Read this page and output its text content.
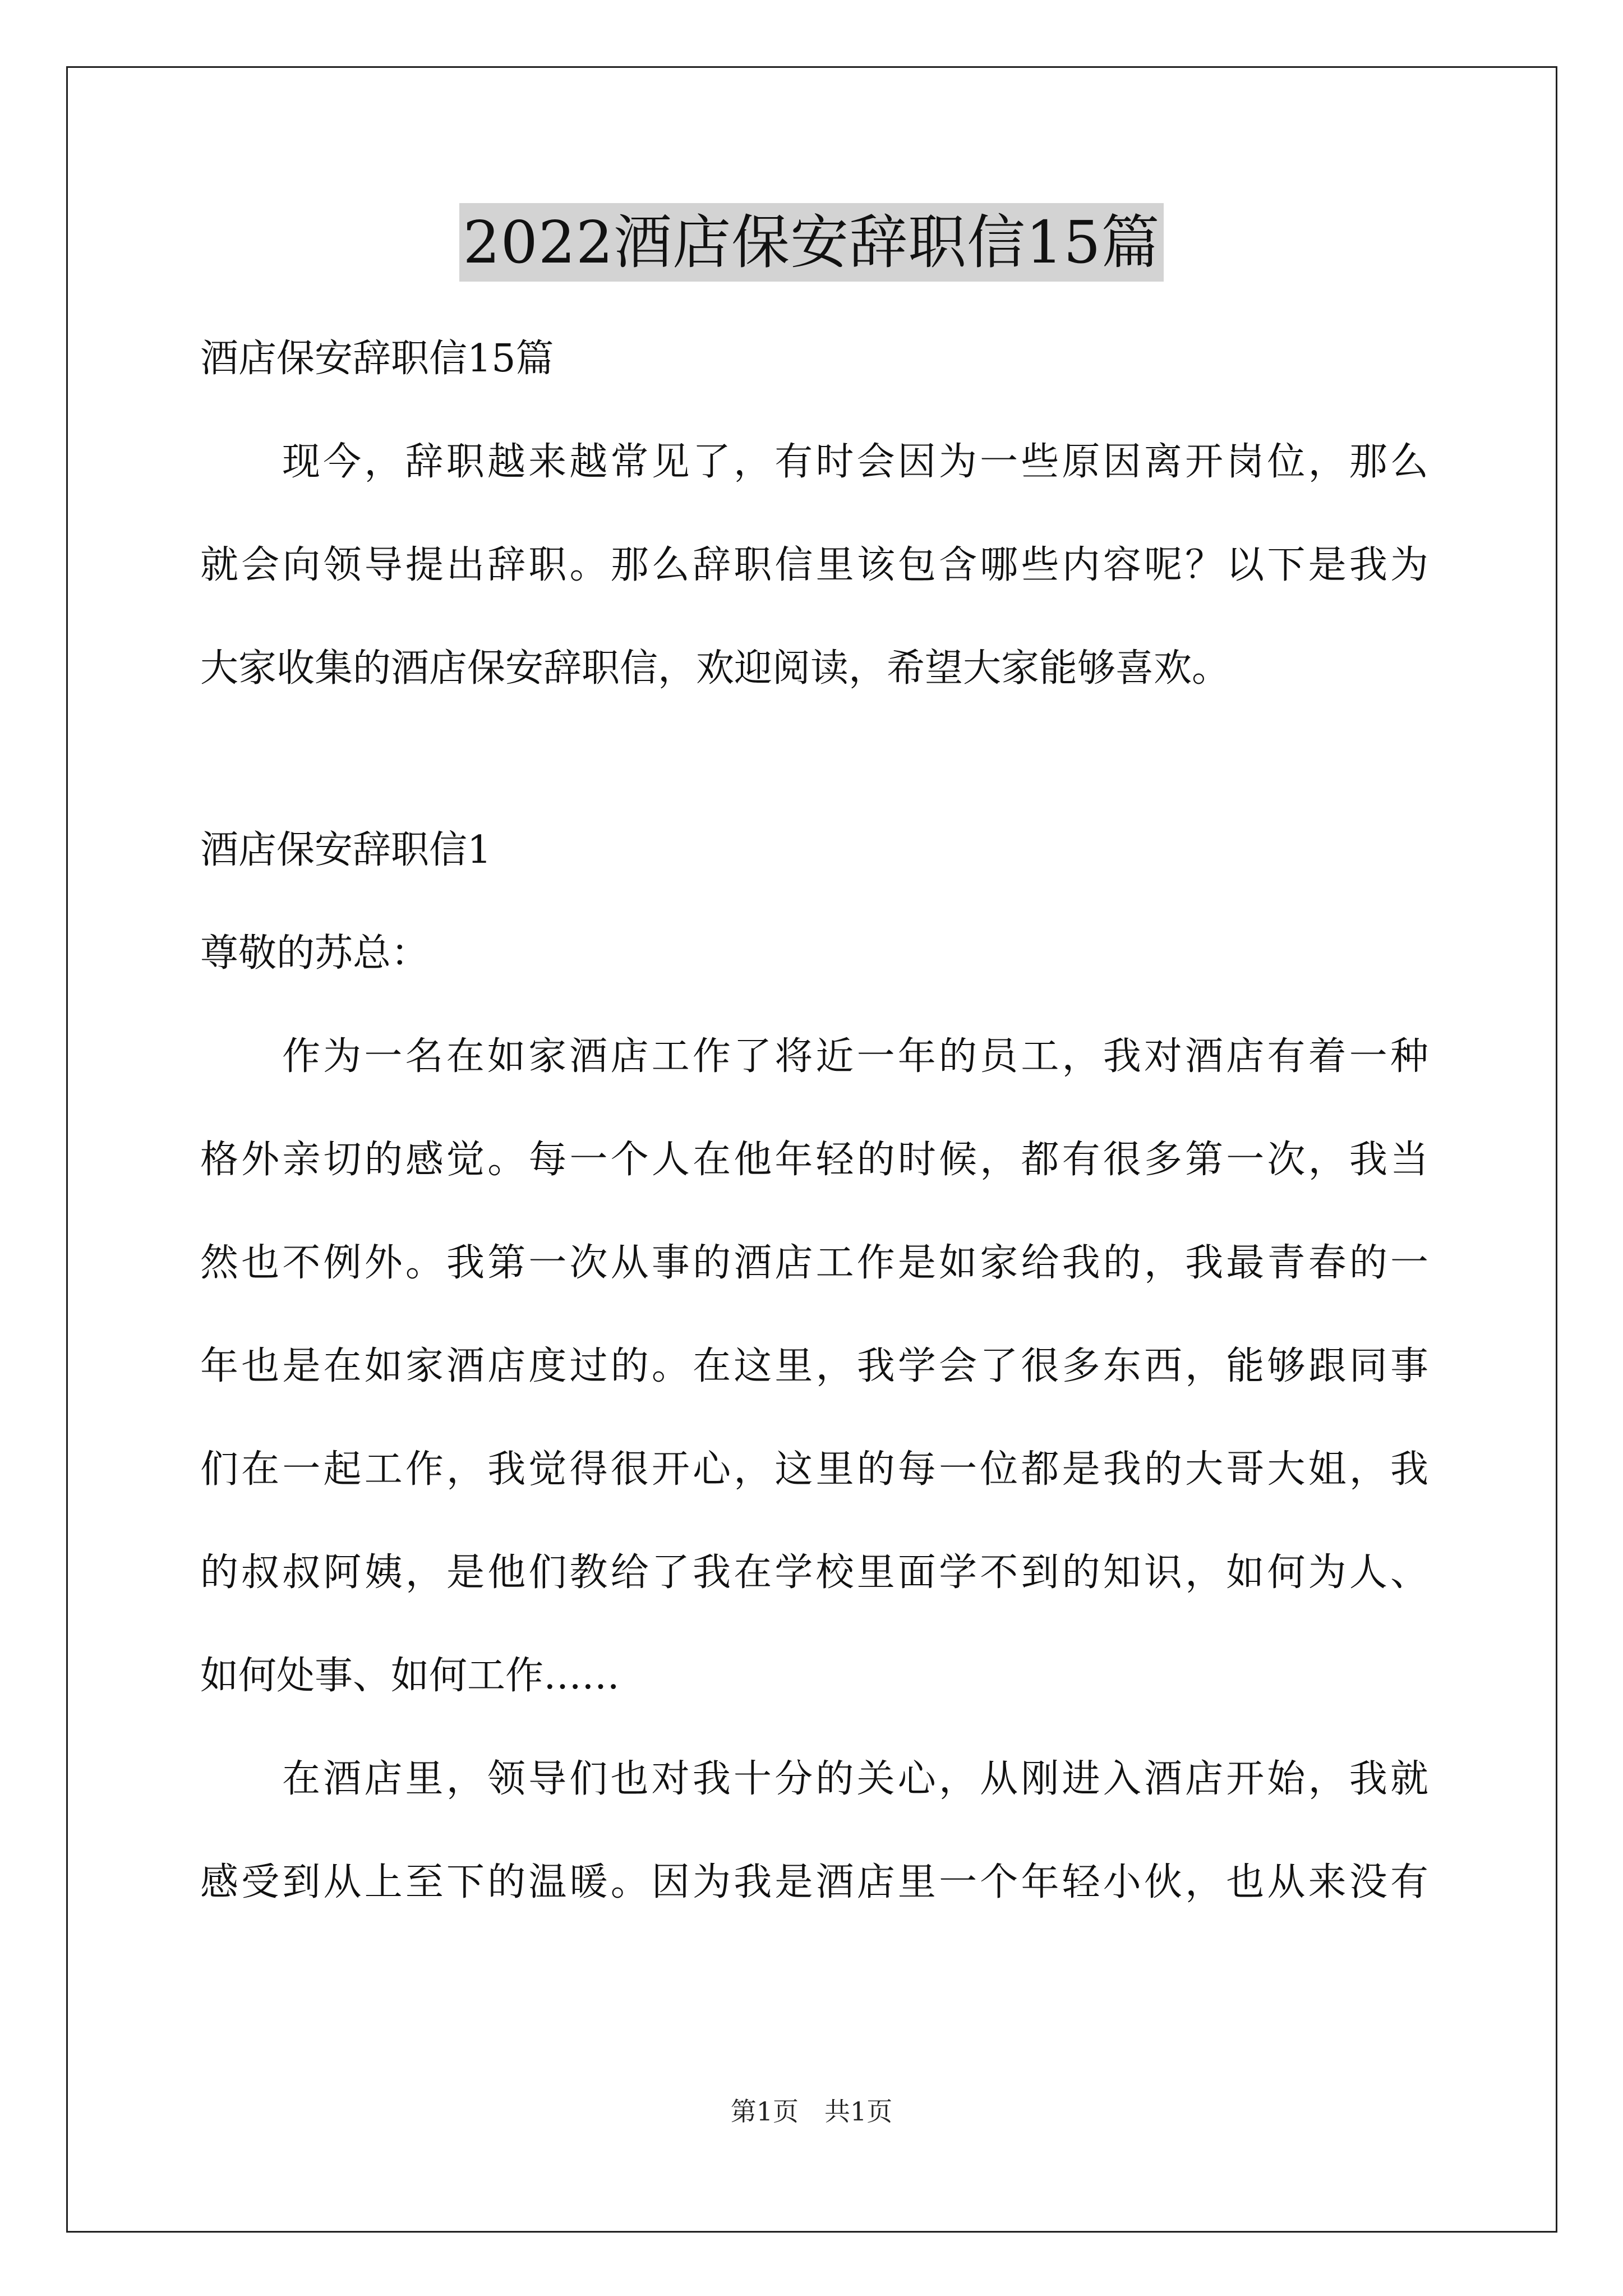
2022酒店保安辞职信15篇
酒店保安辞职信15篇
现今，辞职越来越常见了，有时会因为一些原因离开岗位，那么
就会向领导提出辞职。那么辞职信里该包含哪些内容呢？以下是我为
大家收集的酒店保安辞职信，欢迎阅读，希望大家能够喜欢。
酒店保安辞职信1
尊敬的苏总：
作为一名在如家酒店工作了将近一年的员工，我对酒店有着一种
格外亲切的感觉。每一个人在他年轻的时候，都有很多第一次，我当
然也不例外。我第一次从事的酒店工作是如家给我的，我最青春的一
年也是在如家酒店度过的。在这里，我学会了很多东西，能够跟同事
们在一起工作，我觉得很开心，这里的每一位都是我的大哥大姐，我
的叔叔阿姨，是他们教给了我在学校里面学不到的知识，如何为人、
如何处事、如何工作……
在酒店里，领导们也对我十分的关心，从刚进入酒店开始，我就
感受到从上至下的温暖。因为我是酒店里一个年轻小伙，也从来没有
第1页 共1页
